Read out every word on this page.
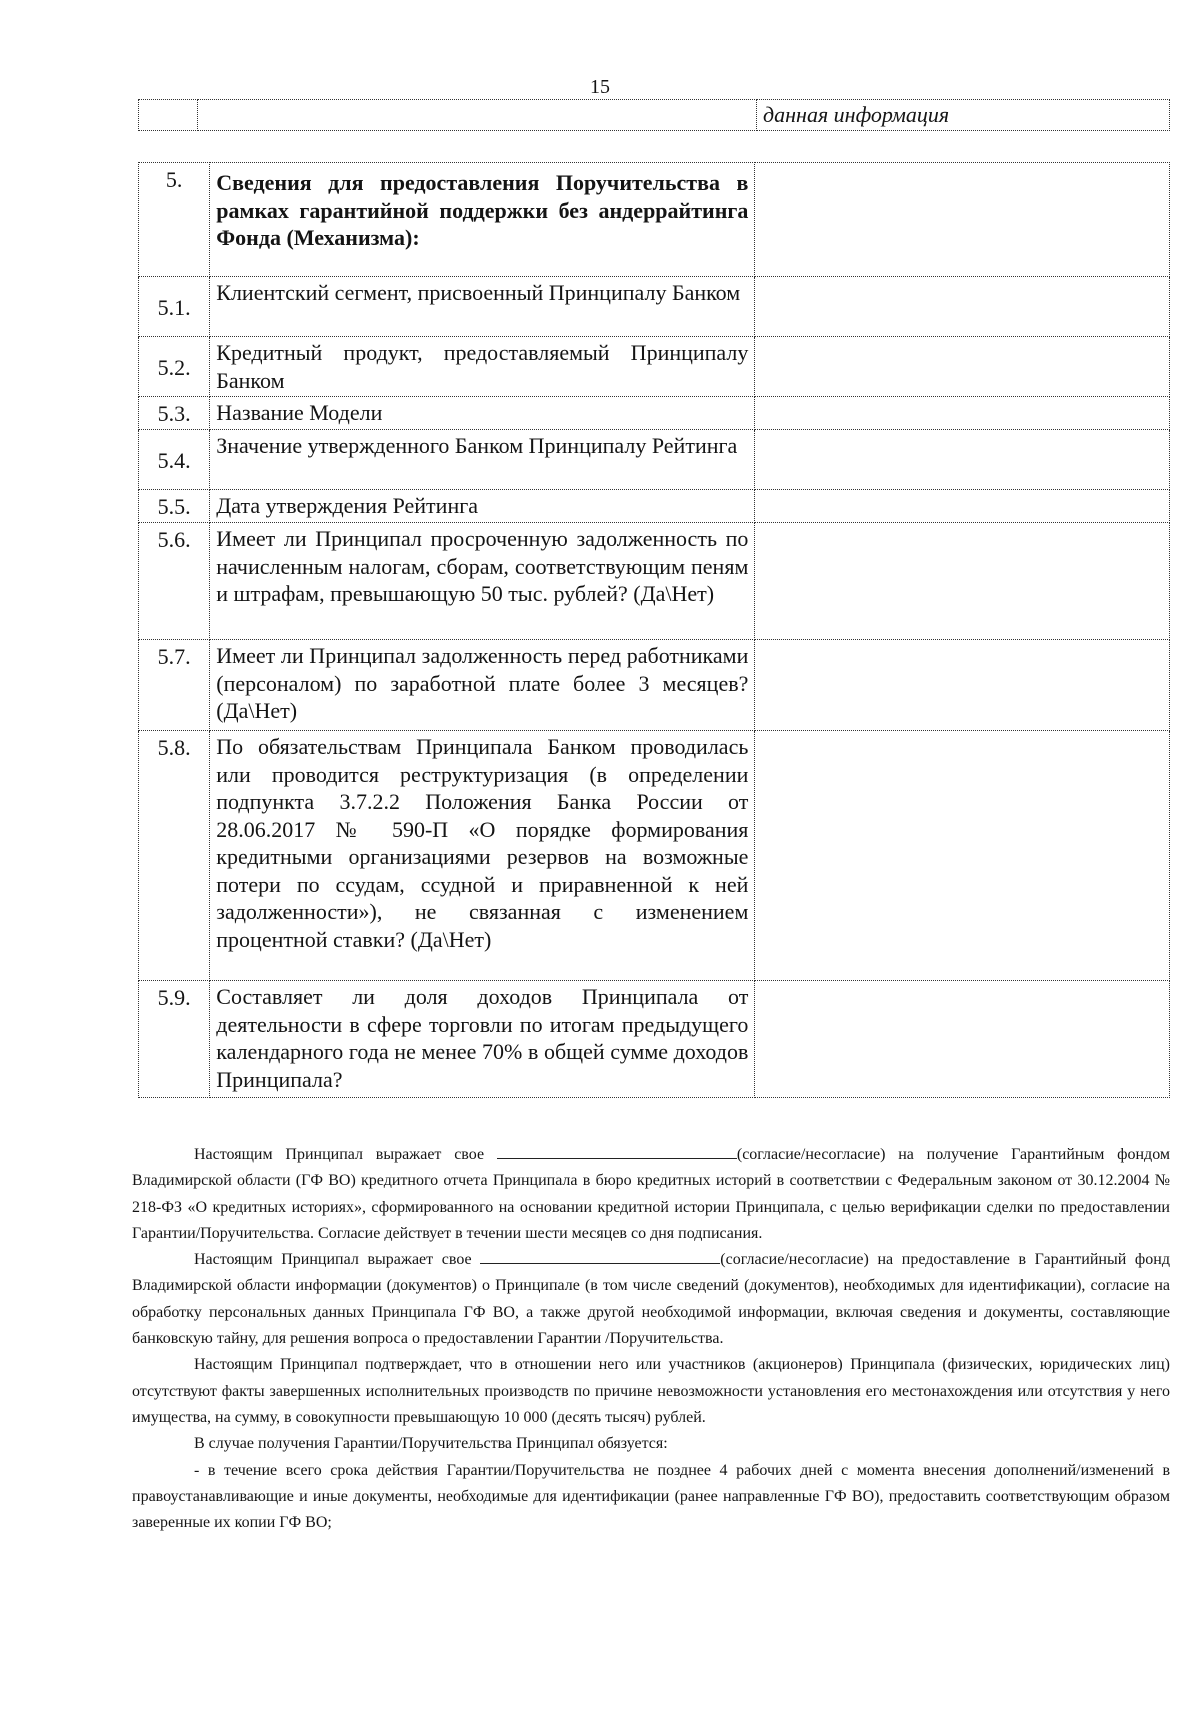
15
		данная информация
5.	Сведения для предоставления Поручительства в рамках гарантийной поддержки без андеррайтинга Фонда (Механизма):	
5.1.	Клиентский сегмент, присвоенный Принципалу Банком	
5.2.	Кредитный продукт, предоставляемый Принципалу Банком	
5.3.	Название Модели	
5.4.	Значение утвержденного Банком Принципалу Рейтинга	
5.5.	Дата утверждения Рейтинга	
5.6.	Имеет ли Принципал просроченную задолженность по начисленным налогам, сборам, соответствующим пеням и штрафам, превышающую 50 тыс. рублей? (Да\Нет)	
5.7.	Имеет ли Принципал задолженность перед работниками (персоналом) по заработной плате более 3 месяцев? (Да\Нет)	
5.8.	По обязательствам Принципала Банком проводилась или проводится реструктуризация (в определении подпункта 3.7.2.2 Положения Банка России от 28.06.2017 № 590-П «О порядке формирования кредитными организациями резервов на возможные потери по ссудам, ссудной и приравненной к ней задолженности»), не связанная с изменением процентной ставки? (Да\Нет)	
5.9.	Составляет ли доля доходов Принципала от деятельности в сфере торговли по итогам предыдущего календарного года не менее 70% в общей сумме доходов Принципала?	

Настоящим Принципал выражает свое	(согласие/несогласие) на получение Гарантийным фондом Владимирской области (ГФ ВО) кредитного отчета Принципала в бюро кредитных историй в соответствии с Федеральным законом от 30.12.2004 № 218-ФЗ «О кредитных историях», сформированного на основании кредитной истории Принципала, с целью верификации сделки по предоставлении Гарантии/Поручительства. Согласие действует в течении шести месяцев со дня подписания.

Настоящим Принципал выражает свое	(согласие/несогласие) на предоставление в Гарантийный фонд Владимирской области информации (документов) о Принципале (в том числе сведений (документов), необходимых для идентификации), согласие на обработку персональных данных Принципала ГФ ВО, а также другой необходимой информации, включая сведения и документы, составляющие банковскую тайну, для решения вопроса о предоставлении Гарантии /Поручительства.

Настоящим Принципал подтверждает, что в отношении него или участников (акционеров) Принципала (физических, юридических лиц) отсутствуют факты завершенных исполнительных производств по причине невозможности установления его местонахождения или отсутствия у него имущества, на сумму, в совокупности превышающую 10 000 (десять тысяч) рублей.

В случае получения Гарантии/Поручительства Принципал обязуется:

- в течение всего срока действия Гарантии/Поручительства не позднее 4 рабочих дней с момента внесения дополнений/изменений в правоустанавливающие и иные документы, необходимые для идентификации (ранее направленные ГФ ВО), предоставить соответствующим образом заверенные их копии ГФ ВО;
